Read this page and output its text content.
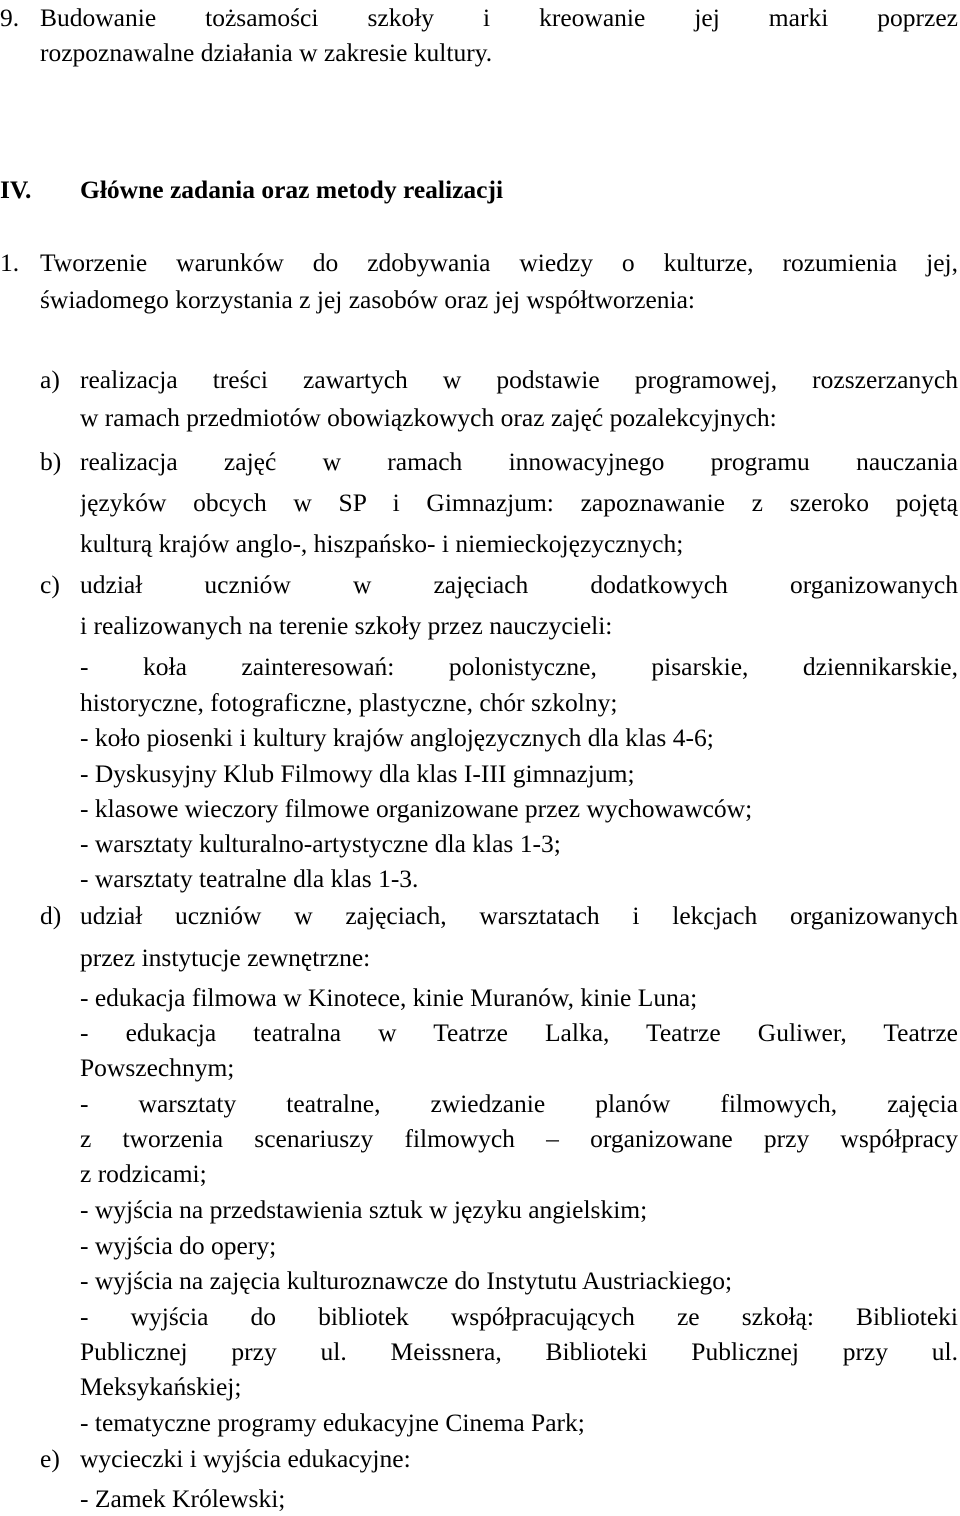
9. Budowanie tożsamości szkoły i kreowanie jej marki poprzez
rozpoznawalne działania w zakresie kultury.
IV. Główne zadania oraz metody realizacji
1. Tworzenie warunków do zdobywania wiedzy o kulturze, rozumienia jej,
świadomego korzystania z jej zasobów oraz jej współtworzenia:
a) realizacja treści zawartych w podstawie programowej, rozszerzanych
w ramach przedmiotów obowiązkowych oraz zajęć pozalekcyjnych:
b) realizacja zajęć w ramach innowacyjnego programu nauczania
języków obcych w SP i Gimnazjum: zapoznawanie z szeroko pojętą
kulturą krajów anglo-, hiszpańsko- i niemieckojęzycznych;
c) udział uczniów w zajęciach dodatkowych organizowanych
i realizowanych na terenie szkoły przez nauczycieli:
- koła zainteresowań: polonistyczne, pisarskie, dziennikarskie,
historyczne, fotograficzne, plastyczne, chór szkolny;
- koło piosenki i kultury krajów anglojęzycznych dla klas 4-6;
- Dyskusyjny Klub Filmowy dla klas I-III gimnazjum;
- klasowe wieczory filmowe organizowane przez wychowawców;
- warsztaty kulturalno-artystyczne dla klas 1-3;
- warsztaty teatralne dla klas 1-3.
d) udział uczniów w zajęciach, warsztatach i lekcjach organizowanych
przez instytucje zewnętrzne:
- edukacja filmowa w Kinotece, kinie Muranów, kinie Luna;
- edukacja teatralna w Teatrze Lalka, Teatrze Guliwer, Teatrze
Powszechnym;
- warsztaty teatralne, zwiedzanie planów filmowych, zajęcia
z tworzenia scenariuszy filmowych – organizowane przy współpracy
z rodzicami;
- wyjścia na przedstawienia sztuk w języku angielskim;
- wyjścia do opery;
- wyjścia na zajęcia kulturoznawcze do Instytutu Austriackiego;
- wyjścia do bibliotek współpracujących ze szkołą: Biblioteki
Publicznej przy ul. Meissnera, Biblioteki Publicznej przy ul.
Meksykańskiej;
- tematyczne programy edukacyjne Cinema Park;
e) wycieczki i wyjścia edukacyjne:
- Zamek Królewski;
